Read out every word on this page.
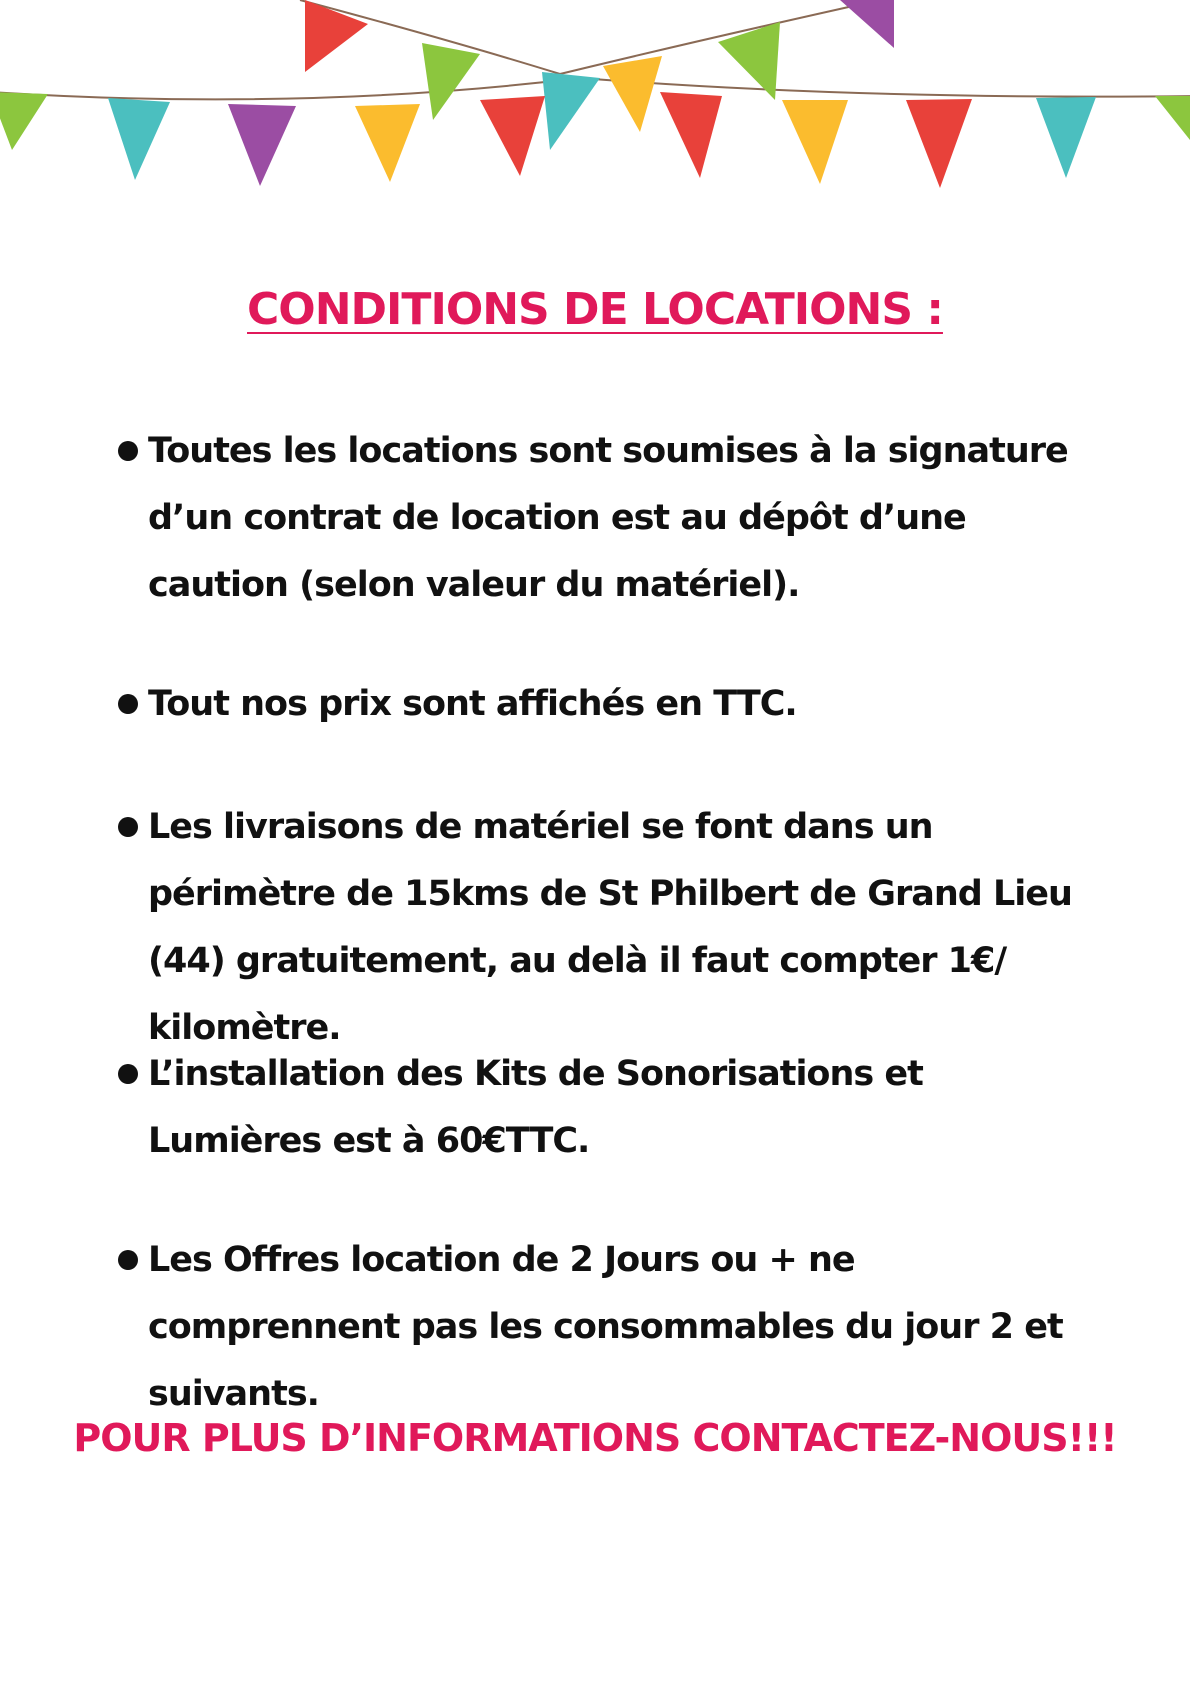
CONDITIONS DE LOCATIONS :
Toutes les locations sont soumises à la signature d’un contrat de location est au dépôt d’une caution (selon valeur du matériel).
Tout nos prix sont affichés en TTC.
Les livraisons de matériel se font dans un périmètre de 15kms de St Philbert de Grand Lieu (44) gratuitement, au delà il faut compter 1€/ kilomètre.
L’installation des Kits de Sonorisations et Lumières est à 60€TTC.
Les Offres location de 2 Jours ou + ne comprennent pas les consommables du jour 2 et suivants.

POUR PLUS D’INFORMATIONS CONTACTEZ-NOUS!!!
